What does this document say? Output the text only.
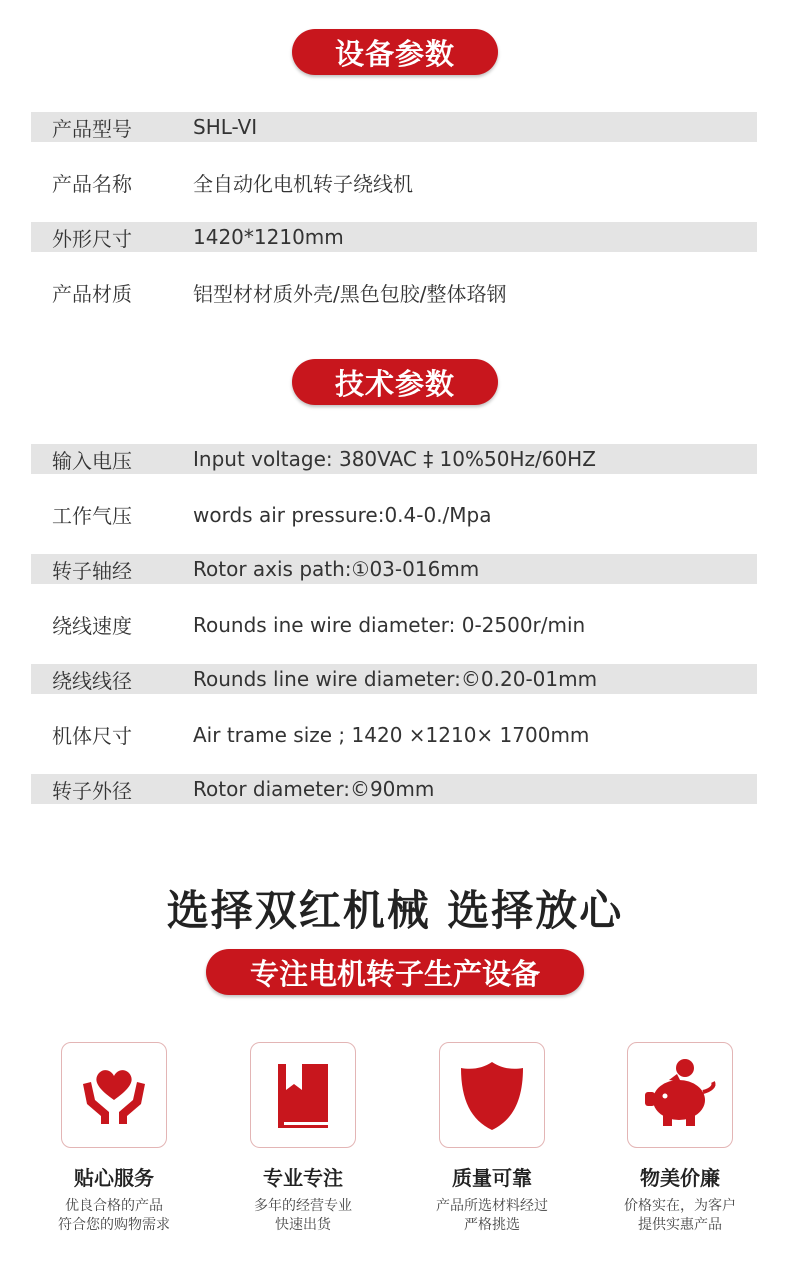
设备参数
产品型号	SHL-VI
产品名称	全自动化电机转子绕线机
外形尺寸	1420*1210mm
产品材质	铝型材材质外壳/黑色包胶/整体珞钢
技术参数
输入电压	Input voltage: 380VAC ‡ 10%50Hz/60HZ
工作气压	words air pressure:0.4-0./Mpa
转子轴经	Rotor axis path:①03-016mm
绕线速度	Rounds ine wire diameter: 0-2500r/min
绕线线径	Rounds line wire diameter:©0.20-01mm
机体尺寸	Air trame size ; 1420 ×1210× 1700mm
转子外径	Rotor diameter:©90mm
选择双红机械 选择放心
专注电机转子生产设备
贴心服务
优良合格的产品
符合您的购物需求
专业专注
多年的经营专业
快速出货
质量可靠
产品所选材料经过
严格挑选
物美价廉
价格实在，为客户
提供实惠产品
